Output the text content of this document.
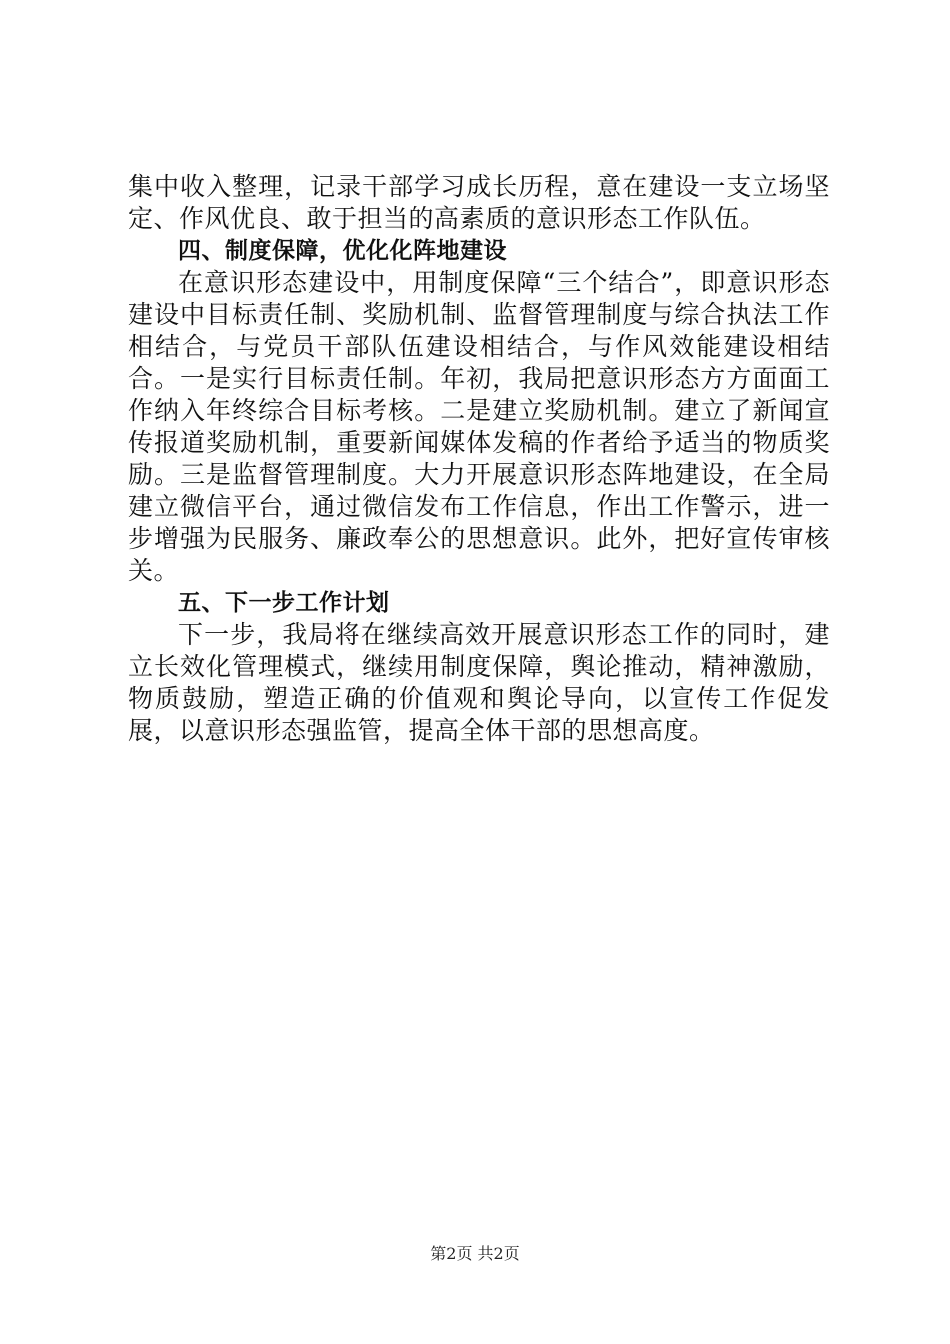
集中收入整理，记录干部学习成长历程，意在建设一支立场坚定、作风优良、敢于担当的高素质的意识形态工作队伍。

四、制度保障，优化化阵地建设

在意识形态建设中，用制度保障“三个结合”，即意识形态建设中目标责任制、奖励机制、监督管理制度与综合执法工作相结合，与党员干部队伍建设相结合，与作风效能建设相结合。一是实行目标责任制。年初，我局把意识形态方方面面工作纳入年终综合目标考核。二是建立奖励机制。建立了新闻宣传报道奖励机制，重要新闻媒体发稿的作者给予适当的物质奖励。三是监督管理制度。大力开展意识形态阵地建设，在全局建立微信平台，通过微信发布工作信息，作出工作警示，进一步增强为民服务、廉政奉公的思想意识。此外，把好宣传审核关。

五、下一步工作计划

下一步，我局将在继续高效开展意识形态工作的同时，建立长效化管理模式，继续用制度保障，舆论推动，精神激励，物质鼓励，塑造正确的价值观和舆论导向，以宣传工作促发展，以意识形态强监管，提高全体干部的思想高度。

第2页 共2页
